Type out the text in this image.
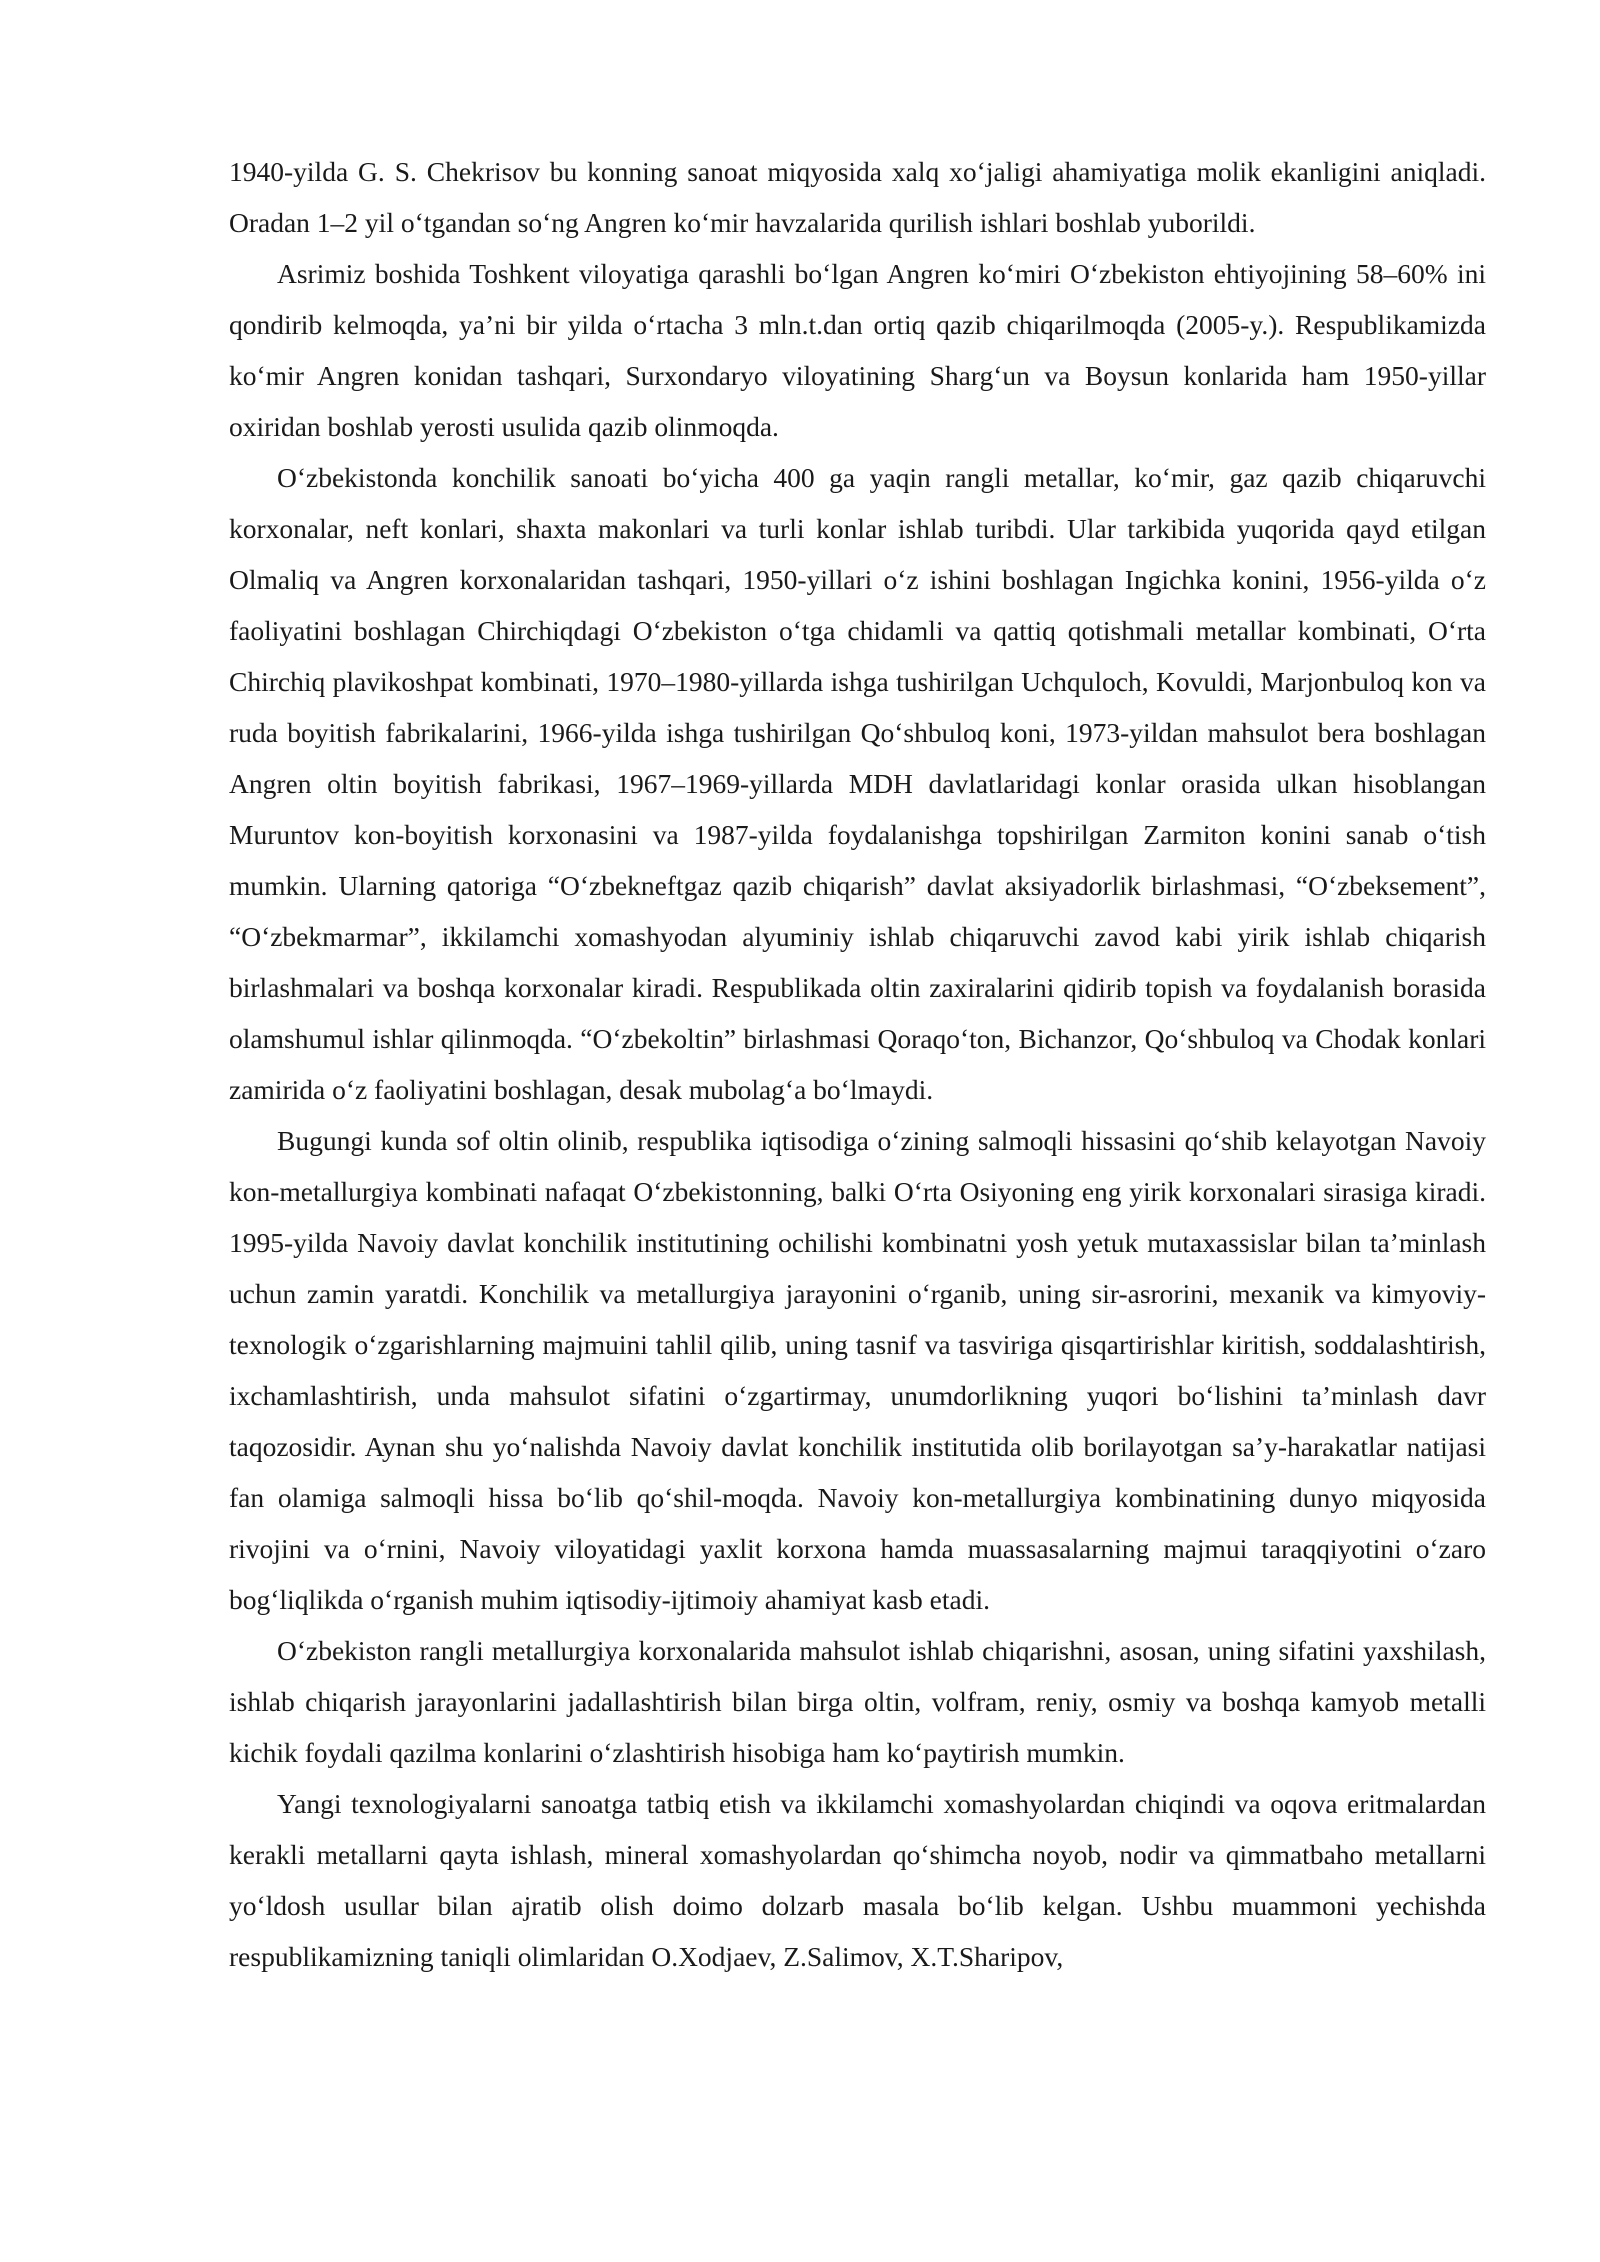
1940-yilda G. S. Chekrisov bu konning sanoat miqyosida xalq xo‘jaligi ahamiyatiga molik ekanligini aniqladi. Oradan 1–2 yil o‘tgandan so‘ng Angren ko‘mir havzalarida qurilish ishlari boshlab yuborildi.

Asrimiz boshida Toshkent viloyatiga qarashli bo‘lgan Angren ko‘miri O‘zbekiston ehtiyojining 58–60% ini qondirib kelmoqda, ya’ni bir yilda o‘rtacha 3 mln.t.dan ortiq qazib chiqarilmoqda (2005-y.). Respublikamizda ko‘mir Angren konidan tashqari, Surxondaryo viloyatining Sharg‘un va Boysun konlarida ham 1950-yillar oxiridan boshlab yerosti usulida qazib olinmoqda.

O‘zbekistonda konchilik sanoati bo‘yicha 400 ga yaqin rangli metallar, ko‘mir, gaz qazib chiqaruvchi korxonalar, neft konlari, shaxta makonlari va turli konlar ishlab turibdi. Ular tarkibida yuqorida qayd etilgan Olmaliq va Angren korxonalaridan tashqari, 1950-yillari o‘z ishini boshlagan Ingichka konini, 1956-yilda o‘z faoliyatini boshlagan Chirchiqdagi O‘zbekiston o‘tga chidamli va qattiq qotishmali metallar kombinati, O‘rta Chirchiq plavikoshpat kombinati, 1970–1980-yillarda ishga tushirilgan Uchquloch, Kovuldi, Marjonbuloq kon va ruda boyitish fabrikalarini, 1966-yilda ishga tushirilgan Qo‘shbuloq koni, 1973-yildan mahsulot bera boshlagan Angren oltin boyitish fabrikasi, 1967–1969-yillarda MDH davlatlaridagi konlar orasida ulkan hisoblangan Muruntov kon-boyitish korxonasini va 1987-yilda foydalanishga topshirilgan Zarmiton konini sanab o‘tish mumkin. Ularning qatoriga “O‘zbekneftgaz qazib chiqarish” davlat aksiyadorlik birlashmasi, “O‘zbeksement”, “O‘zbekmarmar”, ikkilamchi xomashyodan alyuminiy ishlab chiqaruvchi zavod kabi yirik ishlab chiqarish birlashmalari va boshqa korxonalar kiradi. Respublikada oltin zaxiralarini qidirib topish va foydalanish borasida olamshumul ishlar qilinmoqda. “O‘zbekoltin” birlashmasi Qoraqo‘ton, Bichanzor, Qo‘shbuloq va Chodak konlari zamirida o‘z faoliyatini boshlagan, desak mubolag‘a bo‘lmaydi.

Bugungi kunda sof oltin olinib, respublika iqtisodiga o‘zining salmoqli hissasini qo‘shib kelayotgan Navoiy kon-metallurgiya kombinati nafaqat O‘zbekistonning, balki O‘rta Osiyoning eng yirik korxonalari sirasiga kiradi. 1995-yilda Navoiy davlat konchilik institutining ochilishi kombinatni yosh yetuk mutaxassislar bilan ta’minlash uchun zamin yaratdi. Konchilik va metallurgiya jarayonini o‘rganib, uning sir-asrorini, mexanik va kimyoviy-texnologik o‘zgarishlarning majmuini tahlil qilib, uning tasnif va tasviriga qisqartirishlar kiritish, soddalashtirish, ixchamlashtirish, unda mahsulot sifatini o‘zgartirmay, unumdorlikning yuqori bo‘lishini ta’minlash davr taqozosidir. Aynan shu yo‘nalishda Navoiy davlat konchilik institutida olib borilayotgan sa’y-harakatlar natijasi fan olamiga salmoqli hissa bo‘lib qo‘shil-moqda. Navoiy kon-metallurgiya kombinatining dunyo miqyosida rivojini va o‘rnini, Navoiy viloyatidagi yaxlit korxona hamda muassasalarning majmui taraqqiyotini o‘zaro bog‘liqlikda o‘rganish muhim iqtisodiy-ijtimoiy ahamiyat kasb etadi.

O‘zbekiston rangli metallurgiya korxonalarida mahsulot ishlab chiqarishni, asosan, uning sifatini yaxshilash, ishlab chiqarish jarayonlarini jadallashtirish bilan birga oltin, volfram, reniy, osmiy va boshqa kamyob metalli kichik foydali qazilma konlarini o‘zlashtirish hisobiga ham ko‘paytirish mumkin.

Yangi texnologiyalarni sanoatga tatbiq etish va ikkilamchi xomashyolardan chiqindi va oqova eritmalardan kerakli metallarni qayta ishlash, mineral xomashyolardan qo‘shimcha noyob, nodir va qimmatbaho metallarni yo‘ldosh usullar bilan ajratib olish doimo dolzarb masala bo‘lib kelgan. Ushbu muammoni yechishda respublikamizning taniqli olimlaridan O.Xodjaev, Z.Salimov, X.T.Sharipov,
